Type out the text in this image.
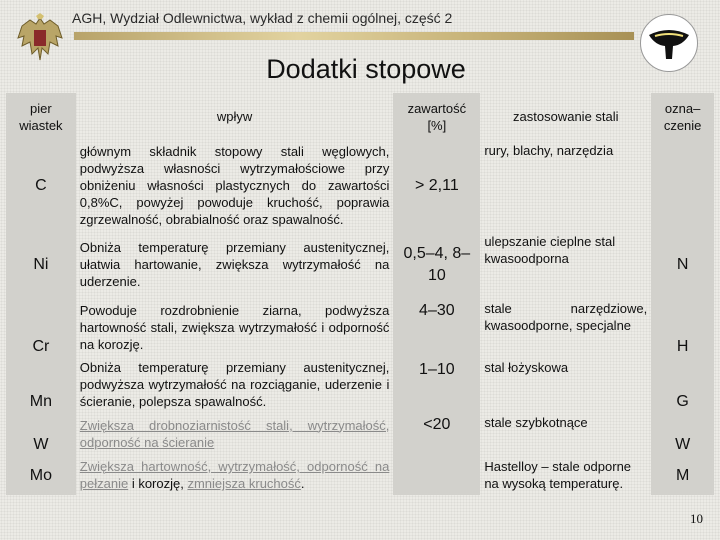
AGH, Wydział Odlewnictwa, wykład z chemii ogólnej, część 2
Dodatki stopowe
pier wiastek	wpływ	zawartość [%]	zastosowanie stali	ozna–czenie
C	głównym składnik stopowy stali węglowych, podwyższa własności wytrzymałościowe przy obniżeniu własności plastycznych do zawartości 0,8%C, powyżej powoduje kruchość, poprawia zgrzewalność, obrabialność oraz spawalność.	> 2,11	rury, blachy, narzędzia	
Ni	Obniża temperaturę przemiany austenitycznej, ułatwia hartowanie, zwiększa wytrzymałość na uderzenie.	0,5–4, 8–10	ulepszanie cieplne stal kwasoodporna	N
Cr	Powoduje rozdrobnienie ziarna, podwyższa hartowność stali, zwiększa wytrzymałość i odporność na korozję.	4–30	stale narzędziowe, kwasoodporne, specjalne	H
Mn	Obniża temperaturę przemiany austenitycznej, podwyższa wytrzymałość na rozciąganie, uderzenie i ścieranie, polepsza spawalność.	1–10	stal łożyskowa	G
W	Zwiększa drobnoziarnistość stali, wytrzymałość, odporność na ścieranie	<20	stale szybkotnące	W
Mo	Zwiększa hartowność, wytrzymałość, odporność na pełzanie i korozję, zmniejsza kruchość.		Hastelloy – stale odporne na wysoką temperaturę.	M
10
